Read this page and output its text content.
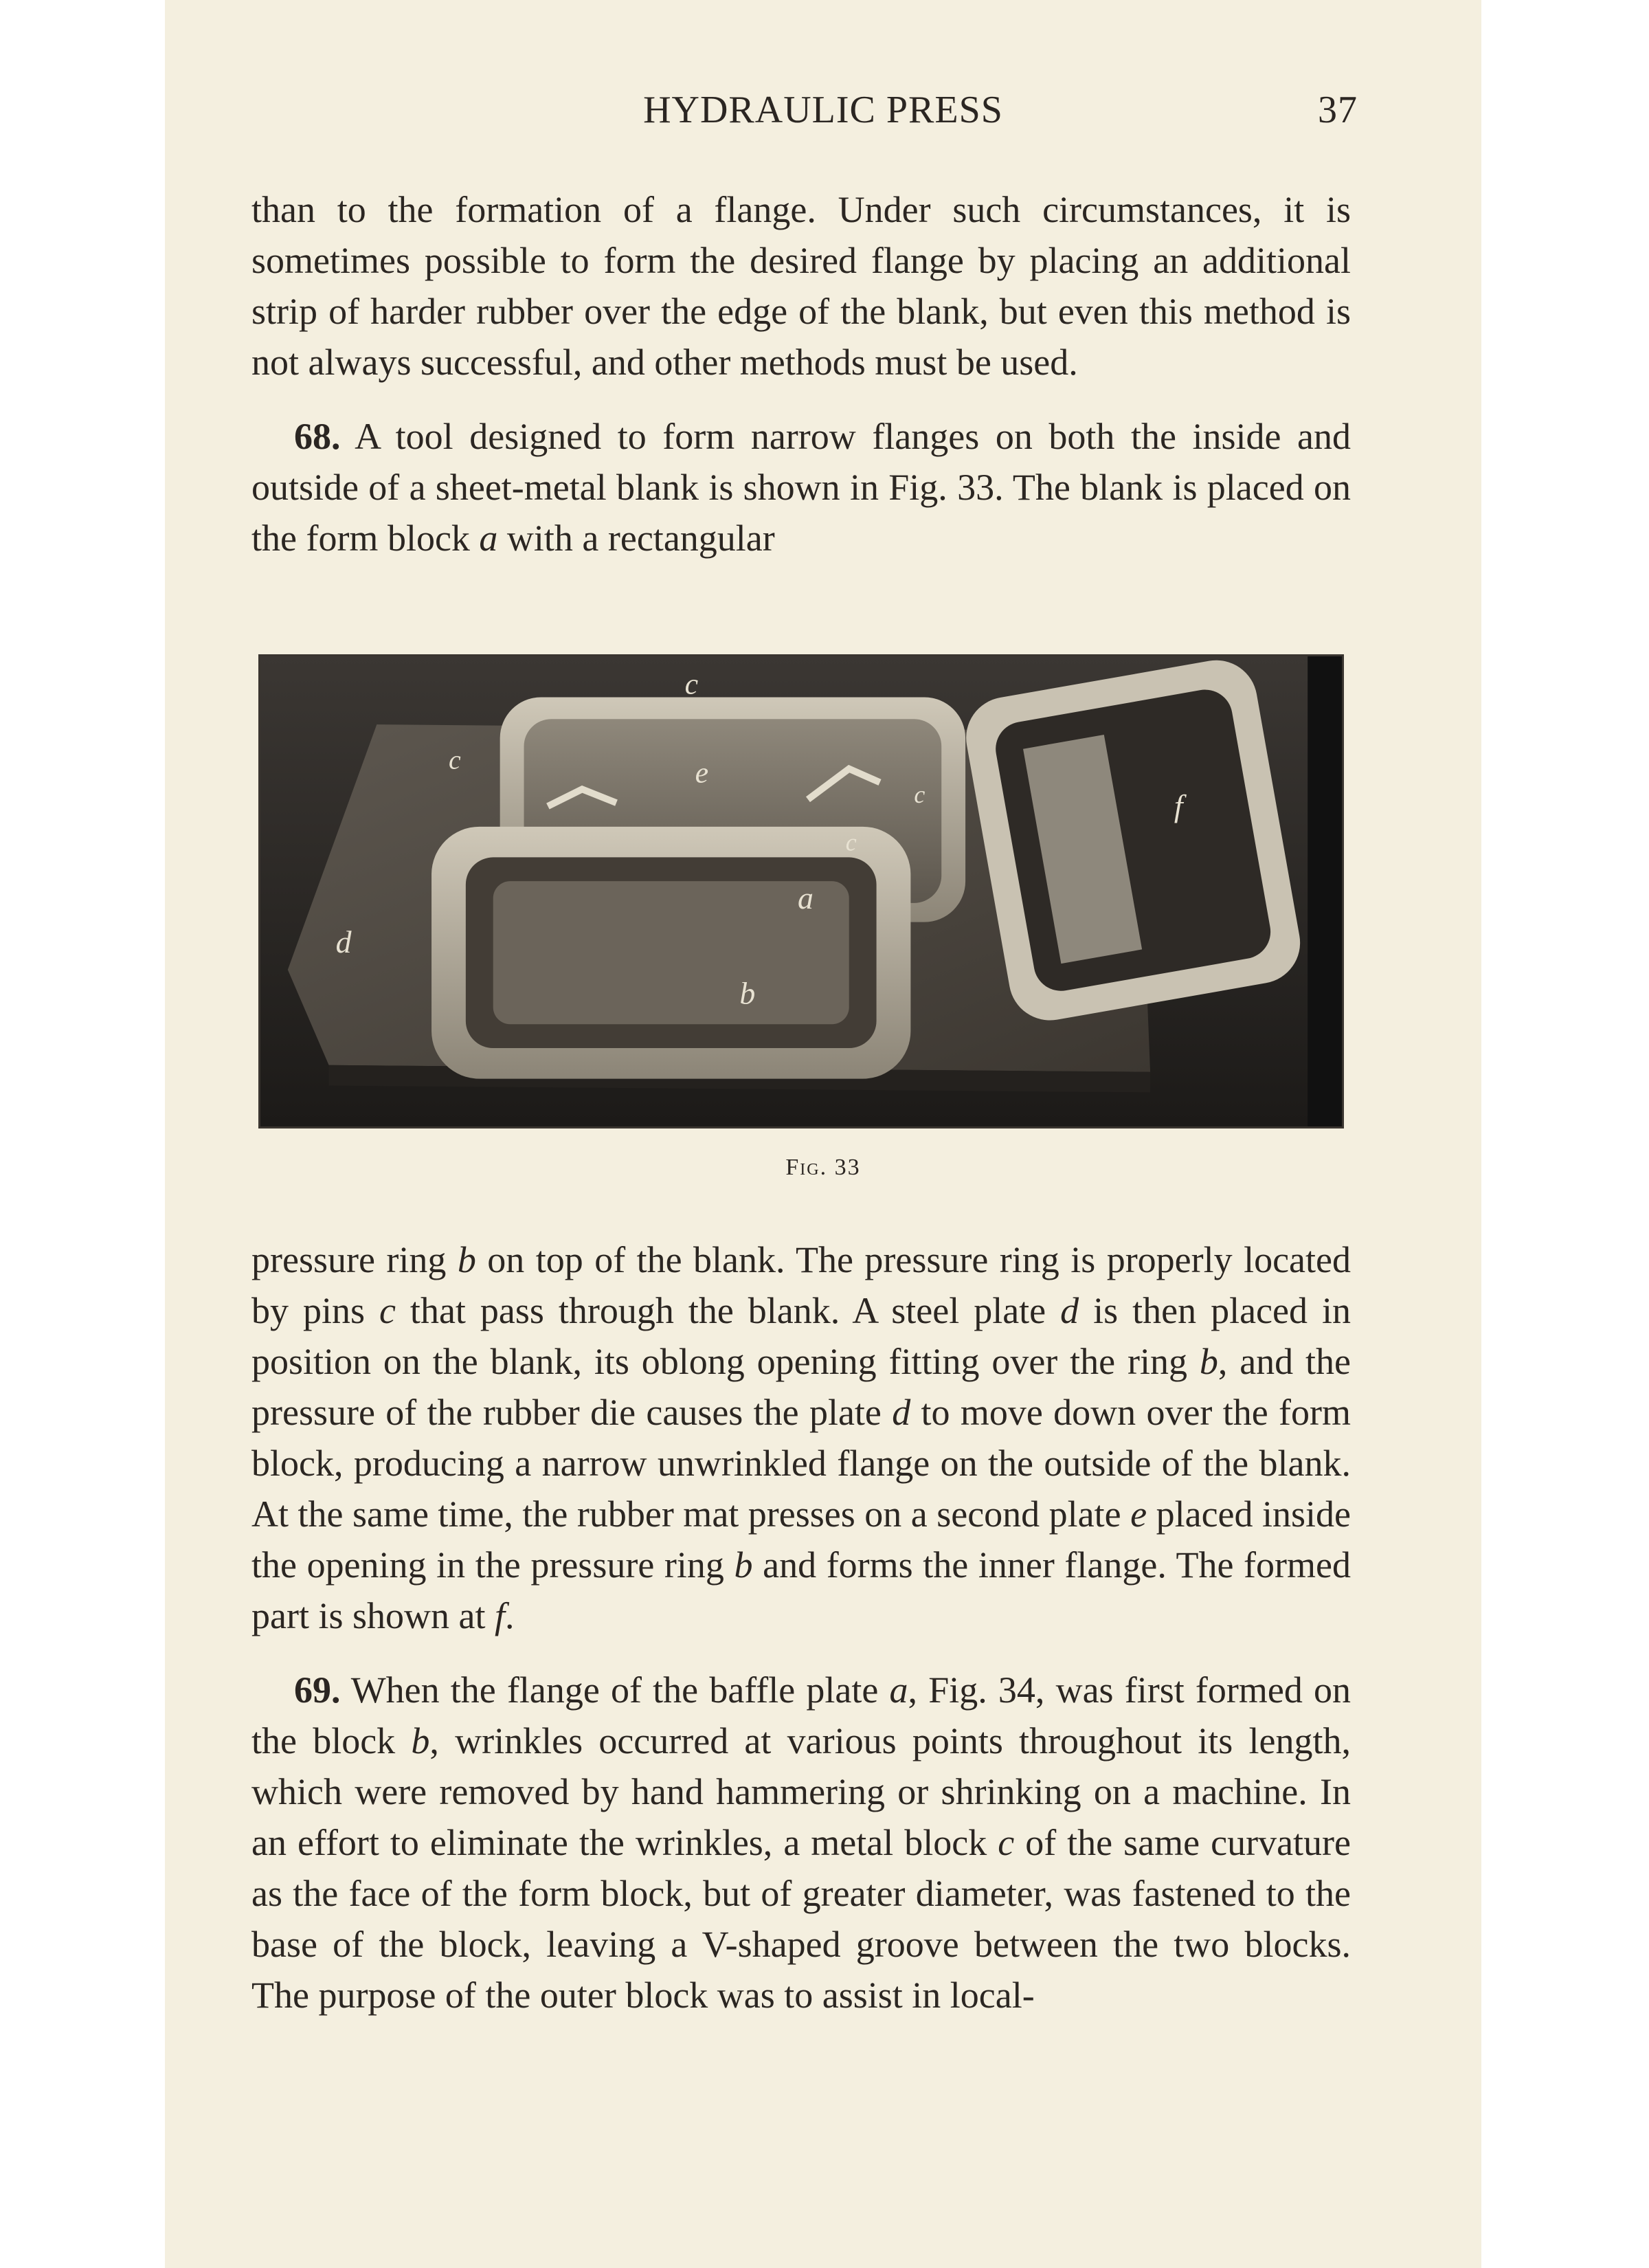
HYDRAULIC PRESS	37

than to the formation of a flange. Under such circumstances, it is sometimes possible to form the desired flange by placing an additional strip of harder rubber over the edge of the blank, but even this method is not always successful, and other methods must be used.

68. A tool designed to form narrow flanges on both the inside and outside of a sheet-metal blank is shown in Fig. 33. The blank is placed on the form block a with a rectangular

c
c
c
c
e
a
d
b
f
Fig. 33

pressure ring b on top of the blank. The pressure ring is properly located by pins c that pass through the blank. A steel plate d is then placed in position on the blank, its oblong opening fitting over the ring b, and the pressure of the rubber die causes the plate d to move down over the form block, producing a narrow unwrinkled flange on the outside of the blank. At the same time, the rubber mat presses on a second plate e placed inside the opening in the pressure ring b and forms the inner flange. The formed part is shown at f.

69. When the flange of the baffle plate a, Fig. 34, was first formed on the block b, wrinkles occurred at various points throughout its length, which were removed by hand hammering or shrinking on a machine. In an effort to eliminate the wrinkles, a metal block c of the same curvature as the face of the form block, but of greater diameter, was fastened to the base of the block, leaving a V-shaped groove between the two blocks. The purpose of the outer block was to assist in local-
